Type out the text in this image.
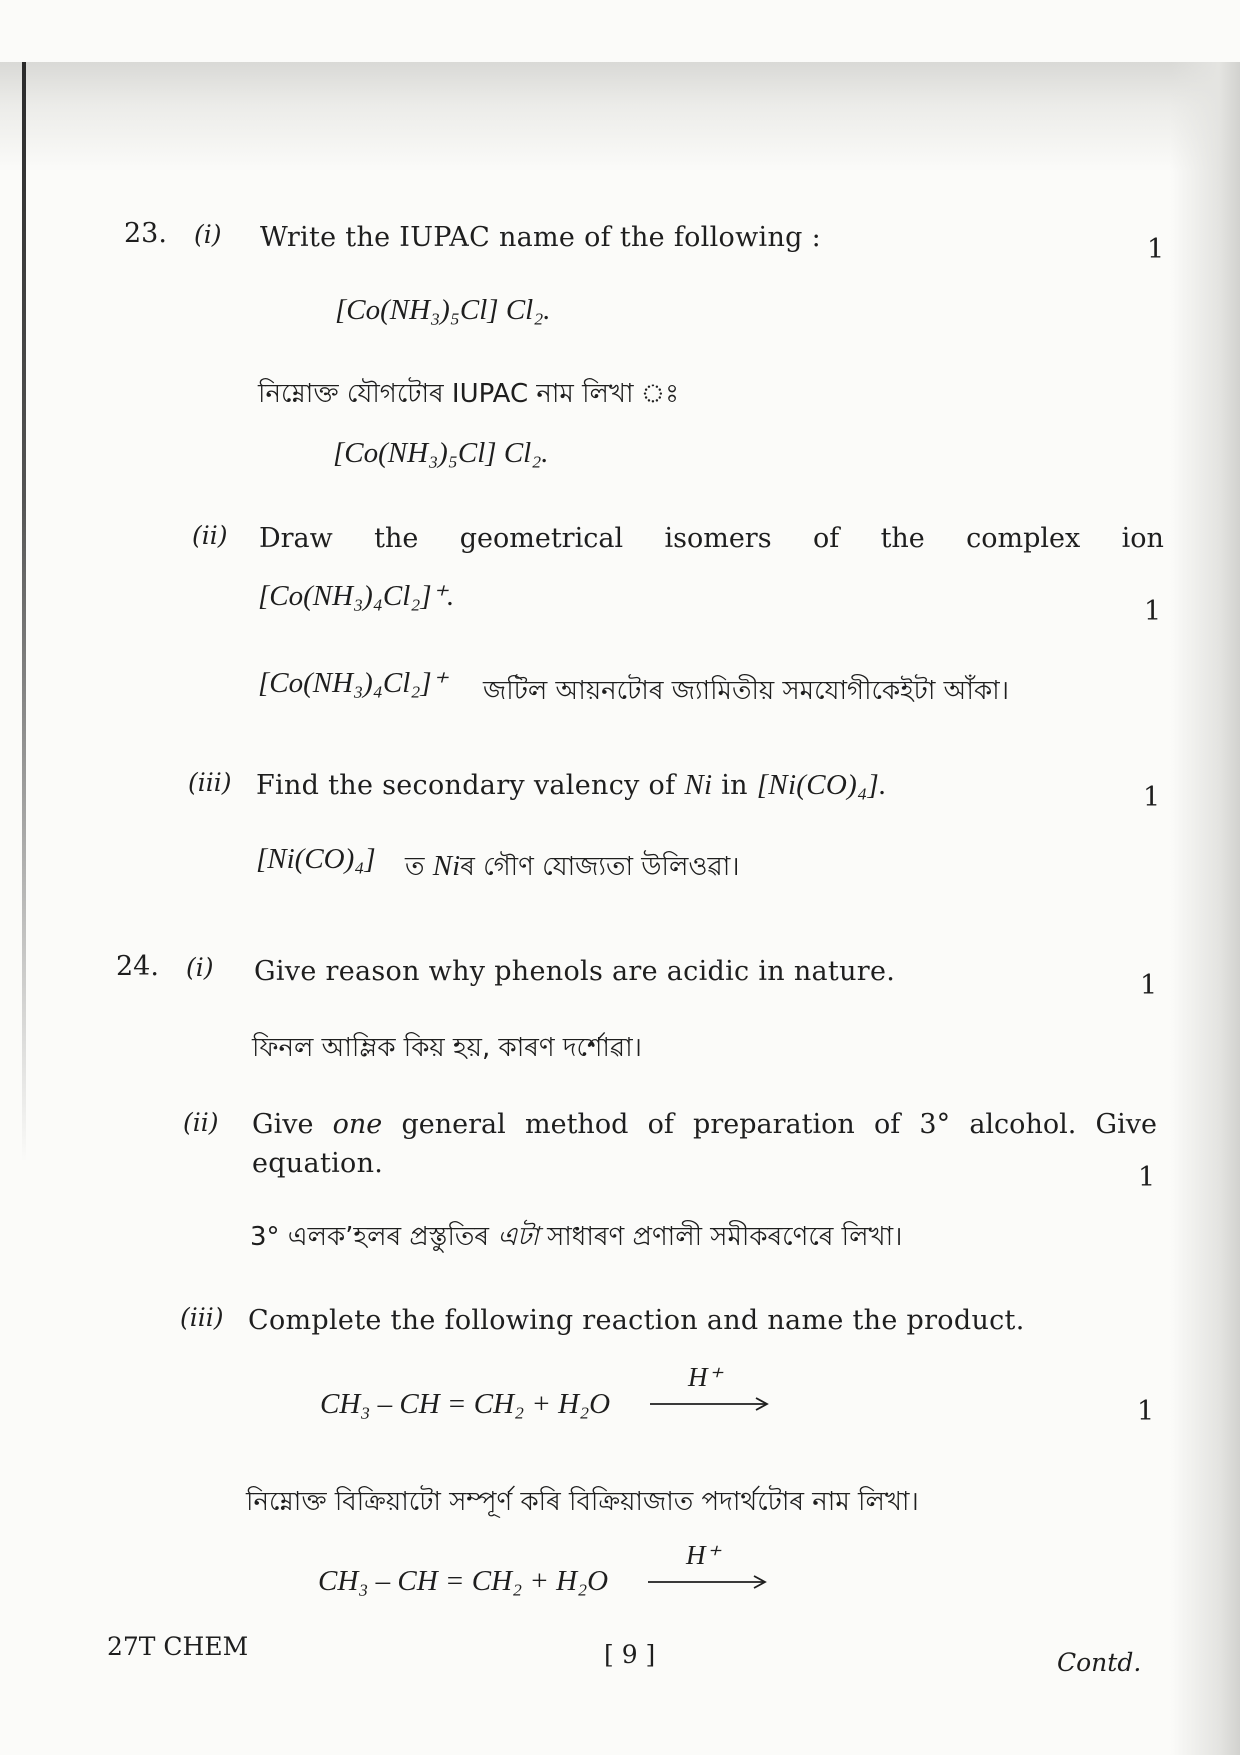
23. (i) Write the IUPAC name of the following :	1
[Co(NH₃)₅Cl] Cl₂.
নিম্নোক্ত যৌগটোৰ IUPAC নাম লিখা ঃ
[Co(NH₃)₅Cl] Cl₂.
(ii) Draw the geometrical isomers of the complex ion
[Co(NH₃)₄Cl₂]⁺.	1
[Co(NH₃)₄Cl₂]⁺ জটিল আয়নটোৰ জ্যামিতীয় সমযোগীকেইটা আঁকা।
(iii) Find the secondary valency of Ni in [Ni(CO)₄].	1
[Ni(CO)₄] ত Niৰ গৌণ যোজ্যতা উলিওৱা।
24. (i) Give reason why phenols are acidic in nature.	1
ফিনল আম্লিক কিয় হয়, কাৰণ দৰ্শোৱা।
(ii) Give one general method of preparation of 3° alcohol. Give
equation.	1
3° এলক’হলৰ প্ৰস্তুতিৰ এটা সাধাৰণ প্ৰণালী সমীকৰণেৰে লিখা।
(iii) Complete the following reaction and name the product.
CH₃ – CH = CH₂ + H₂O
H⁺
1
নিম্নোক্ত বিক্ৰিয়াটো সম্পূৰ্ণ কৰি বিক্ৰিয়াজাত পদাৰ্থটোৰ নাম লিখা।
CH₃ – CH = CH₂ + H₂O
H⁺
27T CHEM	[ 9 ]	Contd.
